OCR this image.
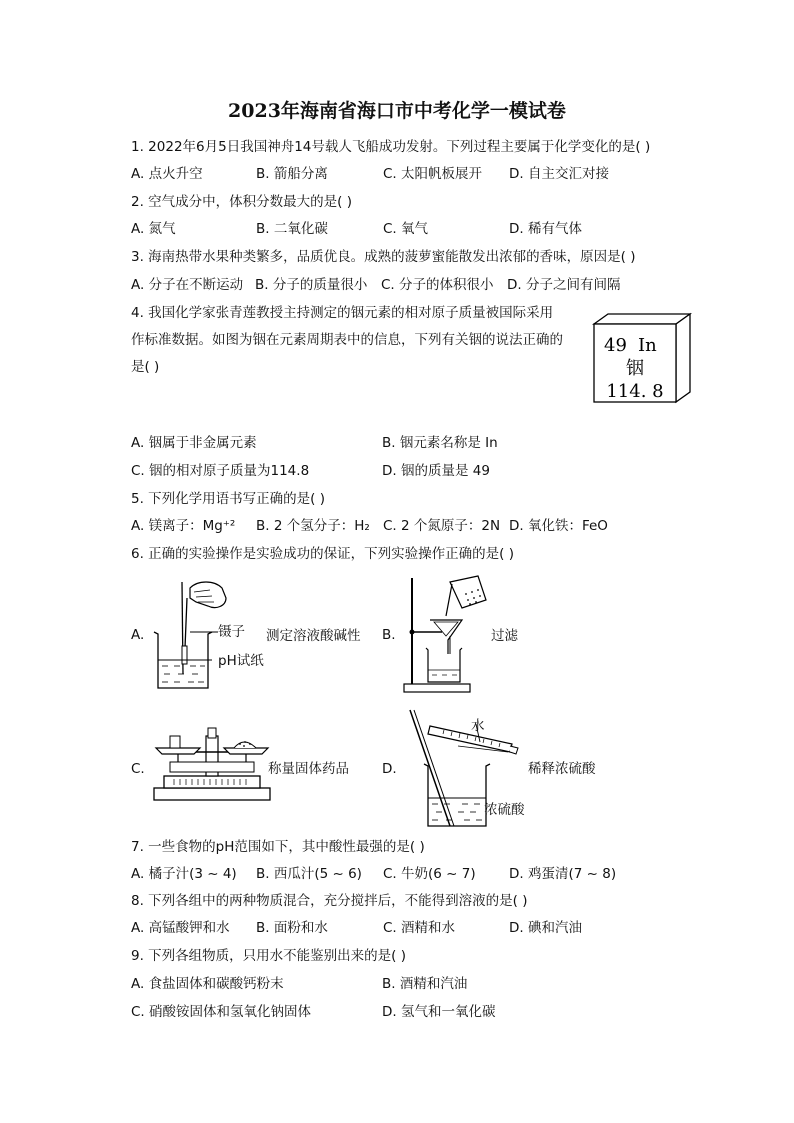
2023年海南省海口市中考化学一模试卷
1. 2022年6月5日我国神舟14号载人飞船成功发射。下列过程主要属于化学变化的是( )
A. 点火升空	B. 箭船分离	C. 太阳帆板展开 D. 自主交汇对接
2. 空气成分中，体积分数最大的是( )
A. 氮气	B. 二氧化碳	C. 氧气	D. 稀有气体
3. 海南热带水果种类繁多，品质优良。成熟的菠萝蜜能散发出浓郁的香味，原因是( )
A. 分子在不断运动 B. 分子的质量很小 C. 分子的体积很小 D. 分子之间有间隔
4. 我国化学家张青莲教授主持测定的铟元素的相对原子质量被国际采用
作标准数据。如图为铟在元素周期表中的信息，下列有关铟的说法正确的
是( )
49 In
铟
114. 8
A. 铟属于非金属元素	B. 铟元素名称是 In
C. 铟的相对原子质量为114.8	D. 铟的质量是 49
5. 下列化学用语书写正确的是( )
A. 镁离子：Mg⁺² B. 2 个氢分子：H₂ C. 2 个氮原子：2N D. 氧化铁：FeO
6. 正确的实验操作是实验成功的保证，下列实验操作正确的是( )
A.	镊子 测定溶液酸碱性
pH试纸
B.	过滤
C.	称量固体药品 D.
水
稀释浓硫酸
浓硫酸
7. 一些食物的pH范围如下，其中酸性最强的是( )
A. 橘子汁(3 ~ 4) B. 西瓜汁(5 ~ 6) C. 牛奶(6 ~ 7) D. 鸡蛋清(7 ~ 8)
8. 下列各组中的两种物质混合，充分搅拌后，不能得到溶液的是( )
A. 高锰酸钾和水 B. 面粉和水	C. 酒精和水	D. 碘和汽油
9. 下列各组物质，只用水不能鉴别出来的是( )
A. 食盐固体和碳酸钙粉末	B. 酒精和汽油
C. 硝酸铵固体和氢氧化钠固体	D. 氢气和一氧化碳
